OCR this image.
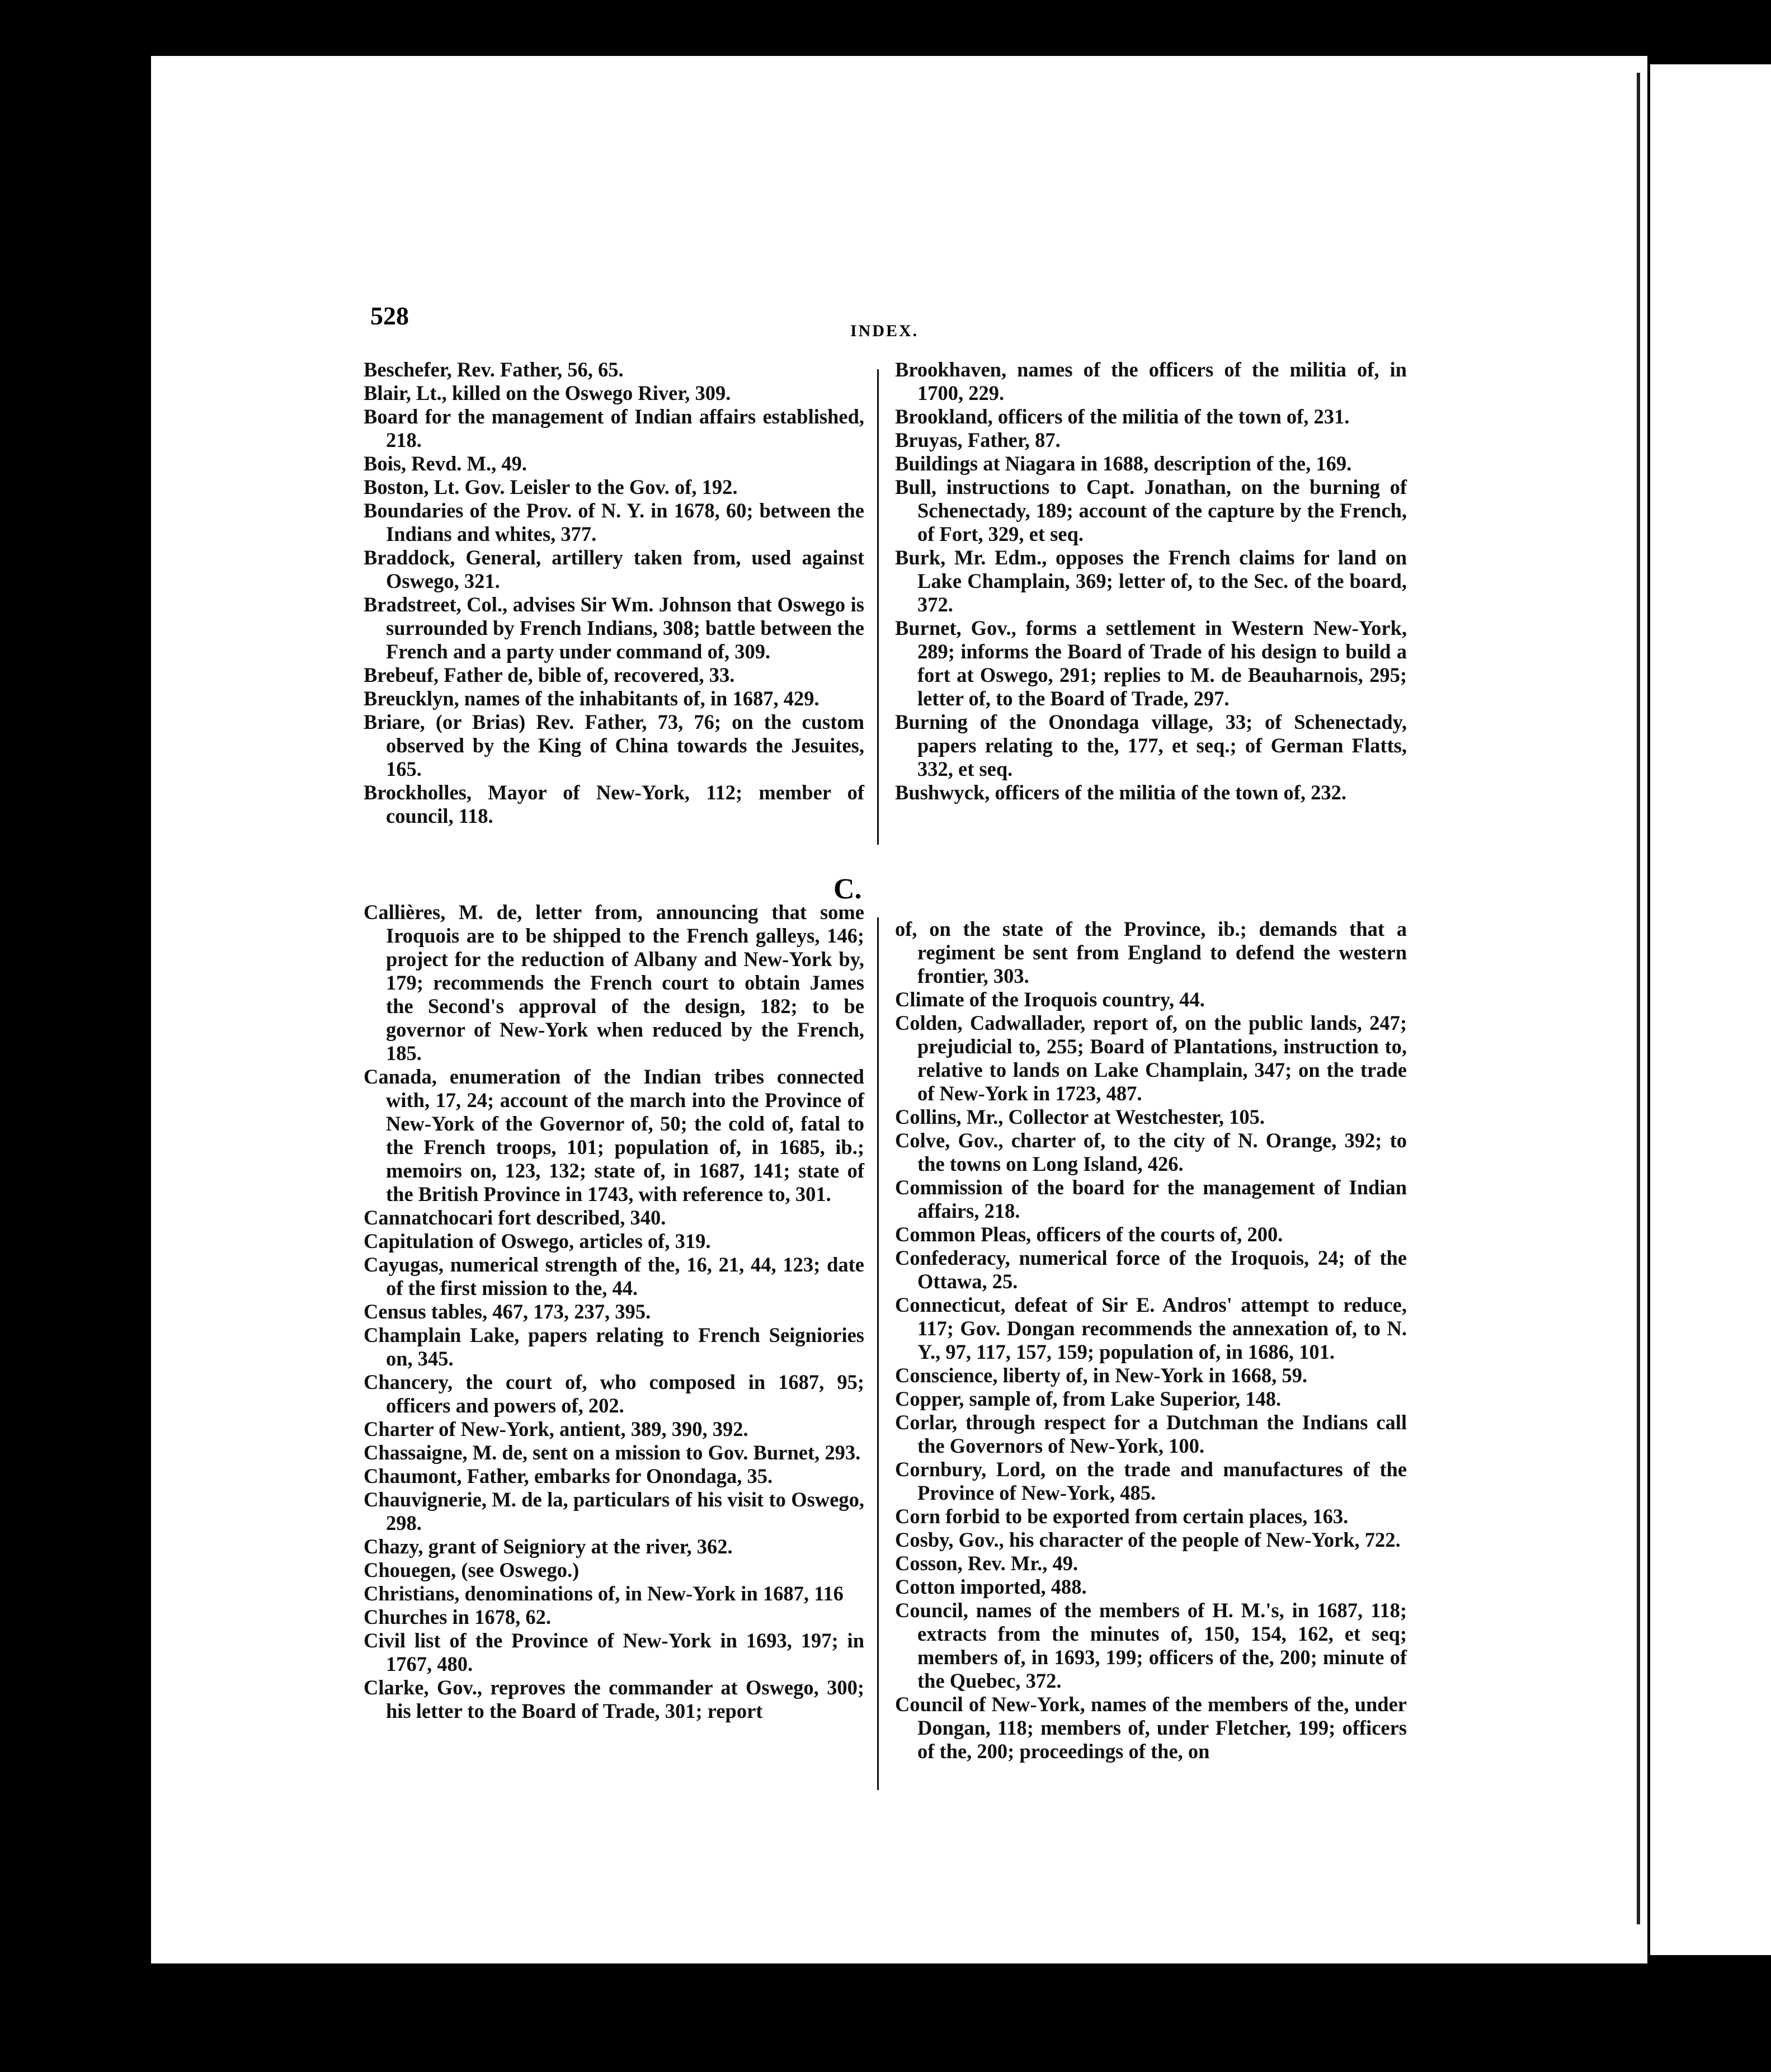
528
INDEX.

Beschefer, Rev. Father, 56, 65.

Blair, Lt., killed on the Oswego River, 309.

Board for the management of Indian affairs established, 218.

Bois, Revd. M., 49.

Boston, Lt. Gov. Leisler to the Gov. of, 192.

Boundaries of the Prov. of N. Y. in 1678, 60; between the Indians and whites, 377.

Braddock, General, artillery taken from, used against Oswego, 321.

Bradstreet, Col., advises Sir Wm. Johnson that Oswego is surrounded by French Indians, 308; battle between the French and a party under command of, 309.

Brebeuf, Father de, bible of, recovered, 33.

Breucklyn, names of the inhabitants of, in 1687, 429.

Briare, (or Brias) Rev. Father, 73, 76; on the custom observed by the King of China towards the Jesuites, 165.

Brockholles, Mayor of New-York, 112; member of council, 118.

Brookhaven, names of the officers of the militia of, in 1700, 229.

Brookland, officers of the militia of the town of, 231.

Bruyas, Father, 87.

Buildings at Niagara in 1688, description of the, 169.

Bull, instructions to Capt. Jonathan, on the burning of Schenectady, 189; account of the capture by the French, of Fort, 329, et seq.

Burk, Mr. Edm., opposes the French claims for land on Lake Champlain, 369; letter of, to the Sec. of the board, 372.

Burnet, Gov., forms a settlement in Western New-York, 289; informs the Board of Trade of his design to build a fort at Oswego, 291; replies to M. de Beauharnois, 295; letter of, to the Board of Trade, 297.

Burning of the Onondaga village, 33; of Schenectady, papers relating to the, 177, et seq.; of German Flatts, 332, et seq.

Bushwyck, officers of the militia of the town of, 232.

C.

Callières, M. de, letter from, announcing that some Iroquois are to be shipped to the French galleys, 146; project for the reduction of Albany and New-York by, 179; recommends the French court to obtain James the Second's approval of the design, 182; to be governor of New-York when reduced by the French, 185.

Canada, enumeration of the Indian tribes connected with, 17, 24; account of the march into the Province of New-York of the Governor of, 50; the cold of, fatal to the French troops, 101; population of, in 1685, ib.; memoirs on, 123, 132; state of, in 1687, 141; state of the British Province in 1743, with reference to, 301.

Cannatchocari fort described, 340.

Capitulation of Oswego, articles of, 319.

Cayugas, numerical strength of the, 16, 21, 44, 123; date of the first mission to the, 44.

Census tables, 467, 173, 237, 395.

Champlain Lake, papers relating to French Seigniories on, 345.

Chancery, the court of, who composed in 1687, 95; officers and powers of, 202.

Charter of New-York, antient, 389, 390, 392.

Chassaigne, M. de, sent on a mission to Gov. Burnet, 293.

Chaumont, Father, embarks for Onondaga, 35.

Chauvignerie, M. de la, particulars of his visit to Oswego, 298.

Chazy, grant of Seigniory at the river, 362.

Chouegen, (see Oswego.)

Christians, denominations of, in New-York in 1687, 116

Churches in 1678, 62.

Civil list of the Province of New-York in 1693, 197; in 1767, 480.

Clarke, Gov., reproves the commander at Oswego, 300; his letter to the Board of Trade, 301; report

of, on the state of the Province, ib.; demands that a regiment be sent from England to defend the western frontier, 303.

Climate of the Iroquois country, 44.

Colden, Cadwallader, report of, on the public lands, 247; prejudicial to, 255; Board of Plantations, instruction to, relative to lands on Lake Champlain, 347; on the trade of New-York in 1723, 487.

Collins, Mr., Collector at Westchester, 105.

Colve, Gov., charter of, to the city of N. Orange, 392; to the towns on Long Island, 426.

Commission of the board for the management of Indian affairs, 218.

Common Pleas, officers of the courts of, 200.

Confederacy, numerical force of the Iroquois, 24; of the Ottawa, 25.

Connecticut, defeat of Sir E. Andros' attempt to reduce, 117; Gov. Dongan recommends the annexation of, to N. Y., 97, 117, 157, 159; population of, in 1686, 101.

Conscience, liberty of, in New-York in 1668, 59.

Copper, sample of, from Lake Superior, 148.

Corlar, through respect for a Dutchman the Indians call the Governors of New-York, 100.

Cornbury, Lord, on the trade and manufactures of the Province of New-York, 485.

Corn forbid to be exported from certain places, 163.

Cosby, Gov., his character of the people of New-York, 722.

Cosson, Rev. Mr., 49.

Cotton imported, 488.

Council, names of the members of H. M.'s, in 1687, 118; extracts from the minutes of, 150, 154, 162, et seq; members of, in 1693, 199; officers of the, 200; minute of the Quebec, 372.

Council of New-York, names of the members of the, under Dongan, 118; members of, under Fletcher, 199; officers of the, 200; proceedings of the, on
